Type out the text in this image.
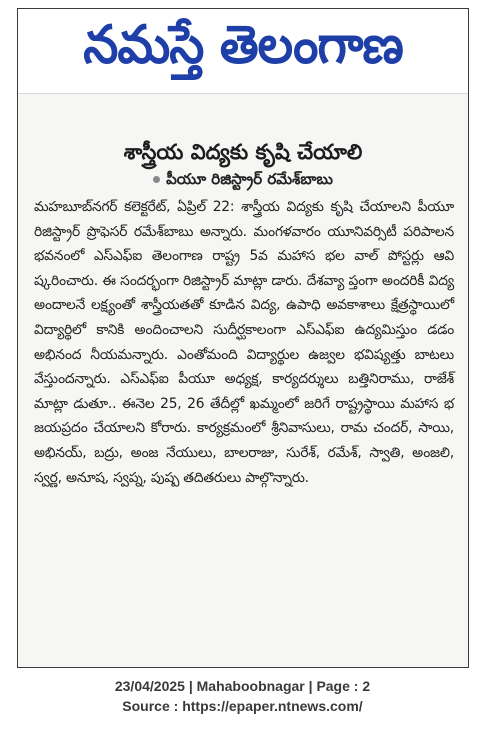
నమస్తే తెలంగాణ
శాస్త్రీయ విద్యకు కృషి చేయాలి
పీయూ రిజిస్ట్రార్ రమేశ్‌బాబు
మహబూబ్‌నగర్ కలెక్టరేట్, ఏప్రిల్ 22: శాస్త్రీయ విద్యకు కృషి చేయాలని పీయూ రిజిస్ట్రార్ ప్రొఫెసర్ రమేశ్‌బాబు అన్నారు. మంగళవారం యూనివర్సిటీ పరిపాలన భవనంలో ఎస్ఎఫ్ఐ తెలంగాణ రాష్ట్ర 5వ మహాస భల వాల్ పోస్టర్లు ఆవి ష్కరించారు. ఈ సందర్భంగా రిజిస్ట్రార్ మాట్లా డారు. దేశవ్యా ప్తంగా అందరికీ విద్య అందాలనే లక్ష్యంతో శాస్త్రీయతతో కూడిన విద్య, ఉపాధి అవకాశాలు క్షేత్రస్థాయిలో విద్యార్థిలో కానికి అందించాలని సుదీర్ఘకాలంగా ఎస్ఎఫ్ఐ ఉద్యమిస్తుం డడం అభినంద నీయమన్నారు. ఎంతోమంది విద్యార్థుల ఉజ్వల భవిష్యత్తు బాటలు వేస్తుందన్నారు. ఎస్ఎఫ్ఐ పీయూ అధ్యక్ష, కార్యదర్శులు బత్తినిరాము, రాజేశ్ మాట్లా డుతూ.. ఈనెల 25, 26 తేదీల్లో ఖమ్మంలో జరిగే రాష్ట్రస్థాయి మహాస భ జయప్రదం చేయాలని కోరారు. కార్యక్రమంలో శ్రీనివాసులు, రామ చందర్, సాయి, అభినయ్, బద్రు, అంజ నేయులు, బాలరాజు, సురేశ్, రమేశ్, స్వాతి, అంజలి, స్వర్ణ, అనూష, స్వప్న, పుష్ప తదితరులు పాల్గొన్నారు.
23/04/2025 | Mahaboobnagar | Page : 2
Source : https://epaper.ntnews.com/
